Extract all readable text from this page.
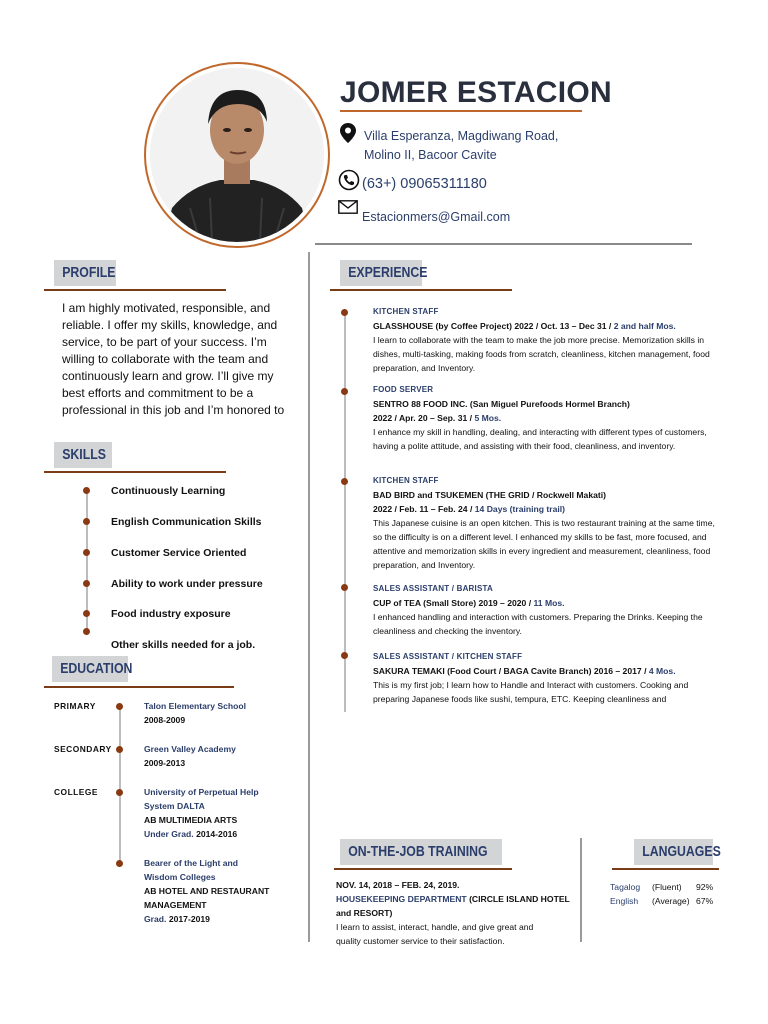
JOMER ESTACION
Villa Esperanza, Magdiwang Road,
Molino II, Bacoor Cavite
(63+) 09065311180
Estacionmers@Gmail.com
PROFILE
I am highly motivated, responsible, and reliable. I offer my skills, knowledge, and service, to be part of your success. I’m willing to collaborate with the team and continuously learn and grow. I’ll give my best efforts and commitment to be a professional in this job and I’m honored to
SKILLS
Continuously Learning
English Communication Skills
Customer Service Oriented
Ability to work under pressure
Food industry exposure
Other skills needed for a job.
EDUCATION
PRIMARY	Talon Elementary School
2008-2009
SECONDARY	Green Valley Academy
2009-2013
COLLEGE	University of Perpetual Help
System DALTA
AB MULTIMEDIA ARTS
Under Grad. 2014-2016
Bearer of the Light and
Wisdom Colleges
AB HOTEL AND RESTAURANT
MANAGEMENT
Grad. 2017-2019
EXPERIENCE
KITCHEN STAFF
GLASSHOUSE (by Coffee Project) 2022 / Oct. 13 – Dec 31 / 2 and half Mos.
I learn to collaborate with the team to make the job more precise. Memorization skills in dishes, multi-tasking, making foods from scratch, cleanliness, kitchen management, food preparation, and Inventory.
FOOD SERVER
SENTRO 88 FOOD INC. (San Miguel Purefoods Hormel Branch)
2022 / Apr. 20 – Sep. 31 / 5 Mos.
I enhance my skill in handling, dealing, and interacting with different types of customers, having a polite attitude, and assisting with their food, cleanliness, and inventory.
KITCHEN STAFF
BAD BIRD and TSUKEMEN (THE GRID / Rockwell Makati)
2022 / Feb. 11 – Feb. 24 / 14 Days (training trail)
This Japanese cuisine is an open kitchen. This is two restaurant training at the same time, so the difficulty is on a different level. I enhanced my skills to be fast, more focused, and attentive and memorization skills in every ingredient and measurement, cleanliness, food preparation, and Inventory.
SALES ASSISTANT / BARISTA
CUP of TEA (Small Store) 2019 – 2020 / 11 Mos.
I enhanced handling and interaction with customers. Preparing the Drinks. Keeping the cleanliness and checking the inventory.
SALES ASSISTANT / KITCHEN STAFF
SAKURA TEMAKI (Food Court / BAGA Cavite Branch) 2016 – 2017 / 4 Mos.
This is my first job; I learn how to Handle and Interact with customers. Cooking and preparing Japanese foods like sushi, tempura, ETC. Keeping cleanliness and
ON-THE-JOB TRAINING
NOV. 14, 2018 – FEB. 24, 2019.
HOUSEKEEPING DEPARTMENT (CIRCLE ISLAND HOTEL and RESORT)
I learn to assist, interact, handle, and give great and
quality customer service to their satisfaction.
LANGUAGES
Tagalog (Fluent) 92%
English (Average) 67%
